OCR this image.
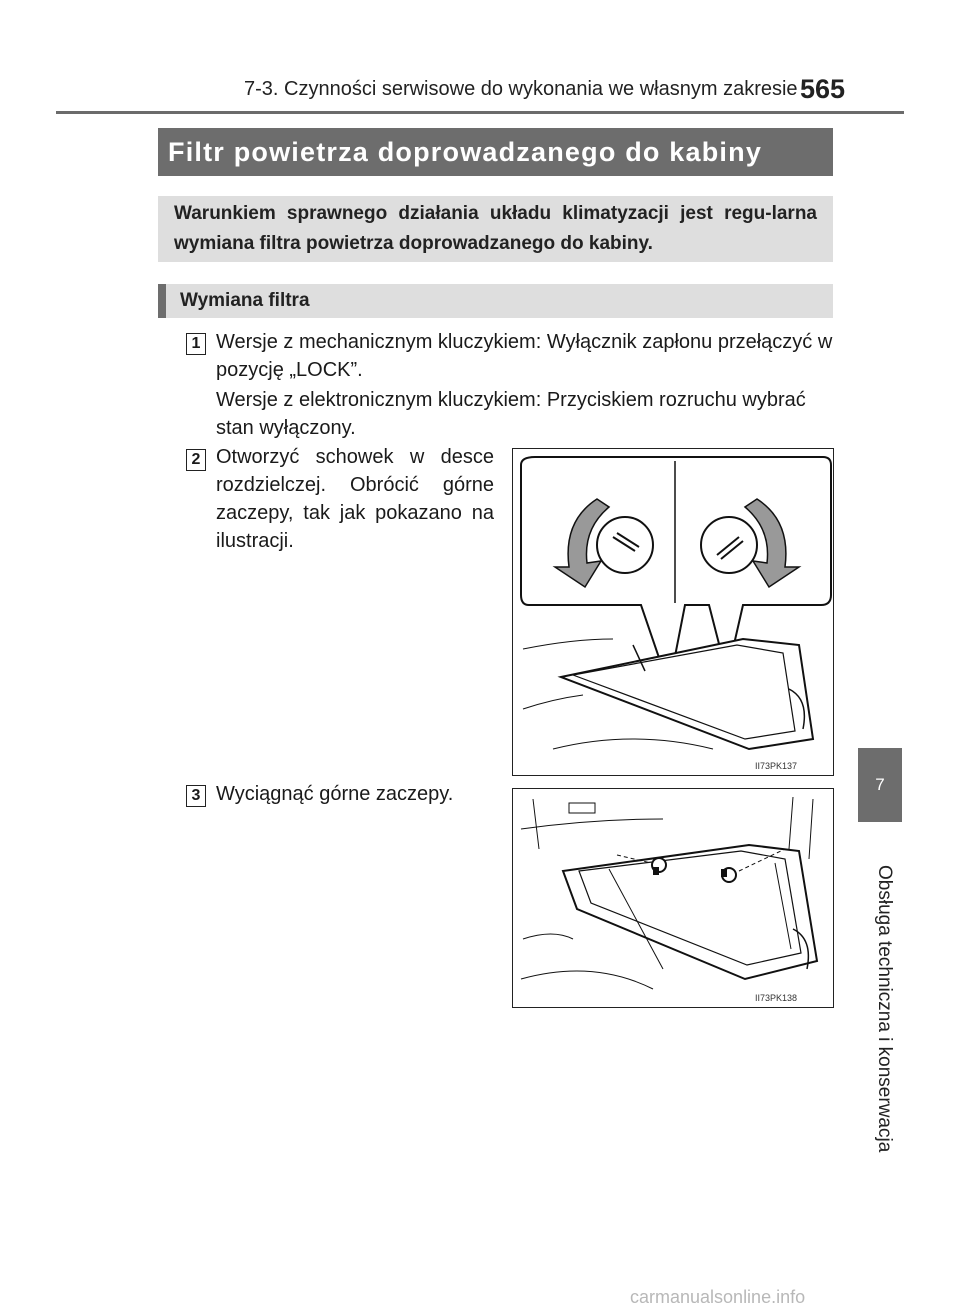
7-3. Czynności serwisowe do wykonania we własnym zakresie 565
Filtr powietrza doprowadzanego do kabiny
Warunkiem sprawnego działania układu klimatyzacji jest regu-larna wymiana filtra powietrza doprowadzanego do kabiny.
Wymiana filtra
1 Wersje z mechanicznym kluczykiem: Wyłącznik zapłonu przełączyć w pozycję „LOCK”.
Wersje z elektronicznym kluczykiem: Przyciskiem rozruchu wybrać stan wyłączony.
2 Otworzyć schowek w desce rozdzielczej. Obrócić górne zaczepy, tak jak pokazano na ilustracji.
II73PK137
3 Wyciągnąć górne zaczepy.
II73PK138
7
Obsługa techniczna i konserwacja
carmanualsonline.info
